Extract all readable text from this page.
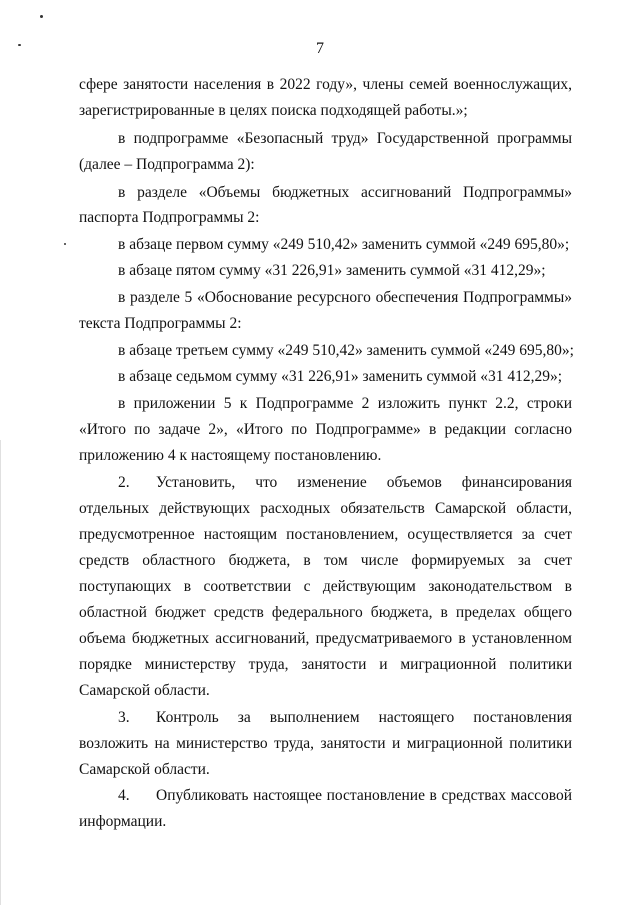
7
сфере занятости населения в 2022 году», члены семей военнослужащих,
зарегистрированные в целях поиска подходящей работы.»;
в подпрограмме «Безопасный труд» Государственной программы
(далее – Подпрограмма 2):
в разделе «Объемы бюджетных ассигнований Подпрограммы»
паспорта Подпрограммы 2:
в абзаце первом сумму «249 510,42» заменить суммой «249 695,80»;
в абзаце пятом сумму «31 226,91» заменить суммой «31 412,29»;
в разделе 5 «Обоснование ресурсного обеспечения Подпрограммы»
текста Подпрограммы 2:
в абзаце третьем сумму «249 510,42» заменить суммой «249 695,80»;
в абзаце седьмом сумму «31 226,91» заменить суммой «31 412,29»;
в приложении 5 к Подпрограмме 2 изложить пункт 2.2, строки
«Итого по задаче 2», «Итого по Подпрограмме» в редакции согласно
приложению 4 к настоящему постановлению.
2. Установить, что изменение объемов финансирования
отдельных действующих расходных обязательств Самарской области,
предусмотренное настоящим постановлением, осуществляется за счет
средств областного бюджета, в том числе формируемых за счет
поступающих в соответствии с действующим законодательством в
областной бюджет средств федерального бюджета, в пределах общего
объема бюджетных ассигнований, предусматриваемого в установленном
порядке министерству труда, занятости и миграционной политики
Самарской области.
3. Контроль за выполнением настоящего постановления
возложить на министерство труда, занятости и миграционной политики
Самарской области.
4. Опубликовать настоящее постановление в средствах массовой
информации.
